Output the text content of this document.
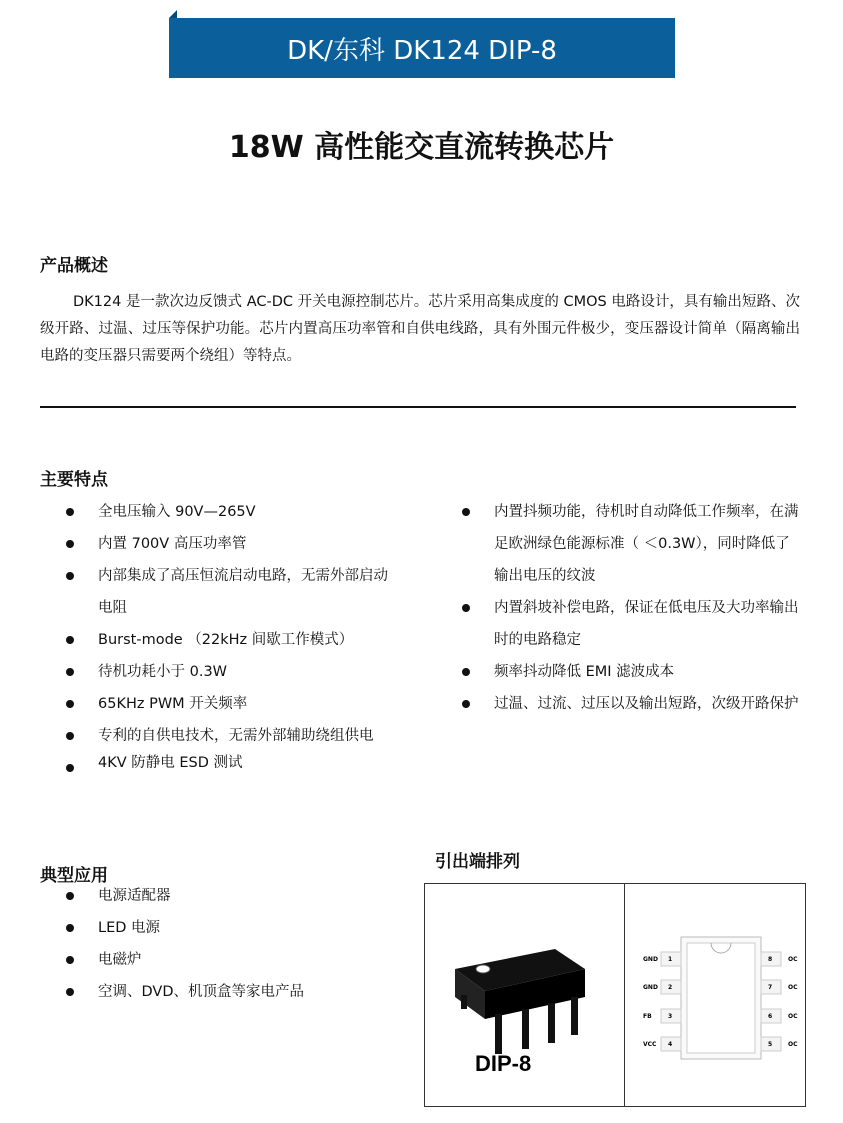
DK/东科 DK124 DIP-8
18W 高性能交直流转换芯片
产品概述
DK124 是一款次边反馈式 AC-DC 开关电源控制芯片。芯片采用高集成度的 CMOS 电路设计，具有输出短路、次级开路、过温、过压等保护功能。芯片内置高压功率管和自供电线路，具有外围元件极少，变压器设计简单（隔离输出电路的变压器只需要两个绕组）等特点。
主要特点
全电压输入 90V—265V
内置 700V 高压功率管
内部集成了高压恒流启动电路，无需外部启动电阻
Burst-mode （22kHz 间歇工作模式）
待机功耗小于 0.3W
65KHz PWM 开关频率
专利的自供电技术，无需外部辅助绕组供电
4KV 防静电 ESD 测试
内置抖频功能，待机时自动降低工作频率，在满足欧洲绿色能源标准（ ＜0.3W），同时降低了输出电压的纹波
内置斜坡补偿电路，保证在低电压及大功率输出时的电路稳定
频率抖动降低 EMI 滤波成本
过温、过流、过压以及输出短路，次级开路保护
典型应用
电源适配器
LED 电源
电磁炉
空调、DVD、机顶盒等家电产品
引出端排列
DIP-8
1
GND	8	OC
2
GND	7	OC
3
FB	6	OC
4
VCC	5	OC
